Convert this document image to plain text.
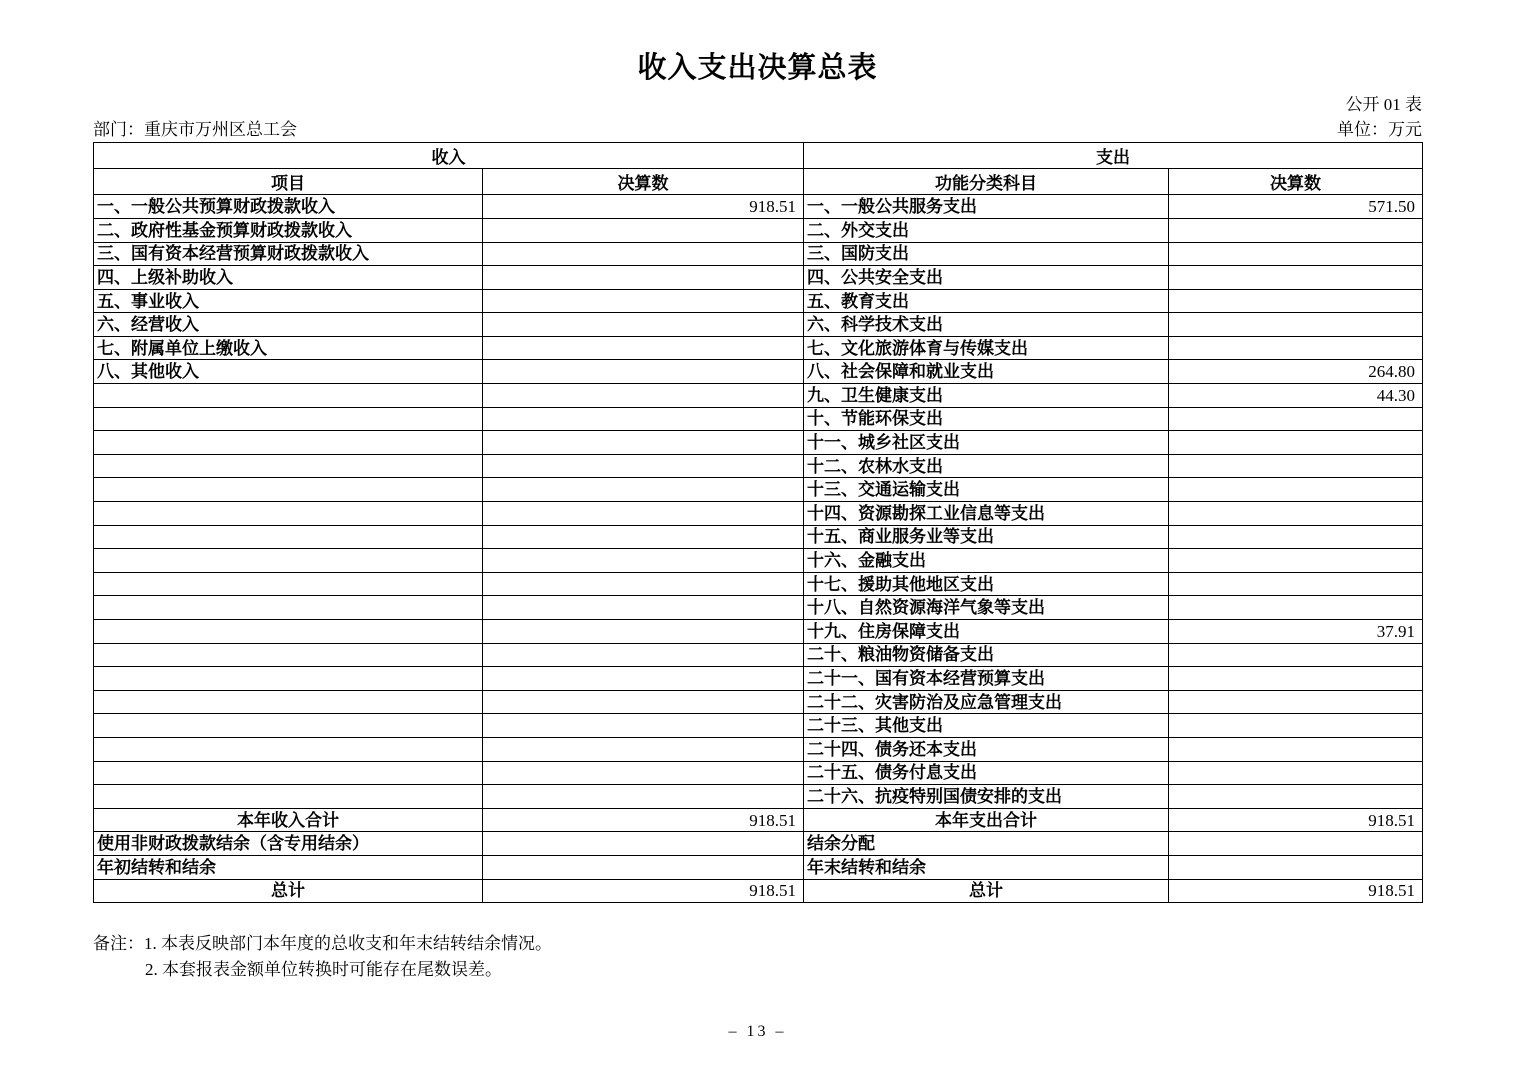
收入支出决算总表
公开 01 表
部门：重庆市万州区总工会	单位：万元
收入		支出	
项目	决算数	功能分类科目	决算数
一、一般公共预算财政拨款收入	918.51	一、一般公共服务支出	571.50
二、政府性基金预算财政拨款收入		二、外交支出	
三、国有资本经营预算财政拨款收入		三、国防支出	
四、上级补助收入		四、公共安全支出	
五、事业收入		五、教育支出	
六、经营收入		六、科学技术支出	
七、附属单位上缴收入		七、文化旅游体育与传媒支出	
八、其他收入		八、社会保障和就业支出	264.80
		九、卫生健康支出	44.30
		十、节能环保支出	
		十一、城乡社区支出	
		十二、农林水支出	
		十三、交通运输支出	
		十四、资源勘探工业信息等支出	
		十五、商业服务业等支出	
		十六、金融支出	
		十七、援助其他地区支出	
		十八、自然资源海洋气象等支出	
		十九、住房保障支出	37.91
		二十、粮油物资储备支出	
		二十一、国有资本经营预算支出	
		二十二、灾害防治及应急管理支出	
		二十三、其他支出	
		二十四、债务还本支出	
		二十五、债务付息支出	
		二十六、抗疫特别国债安排的支出	
本年收入合计	918.51	本年支出合计	918.51
使用非财政拨款结余（含专用结余）		结余分配	
年初结转和结余		年末结转和结余	
总计	918.51	总计	918.51
备注：1. 本表反映部门本年度的总收支和年末结转结余情况。
2. 本套报表金额单位转换时可能存在尾数误差。
– 13 –
